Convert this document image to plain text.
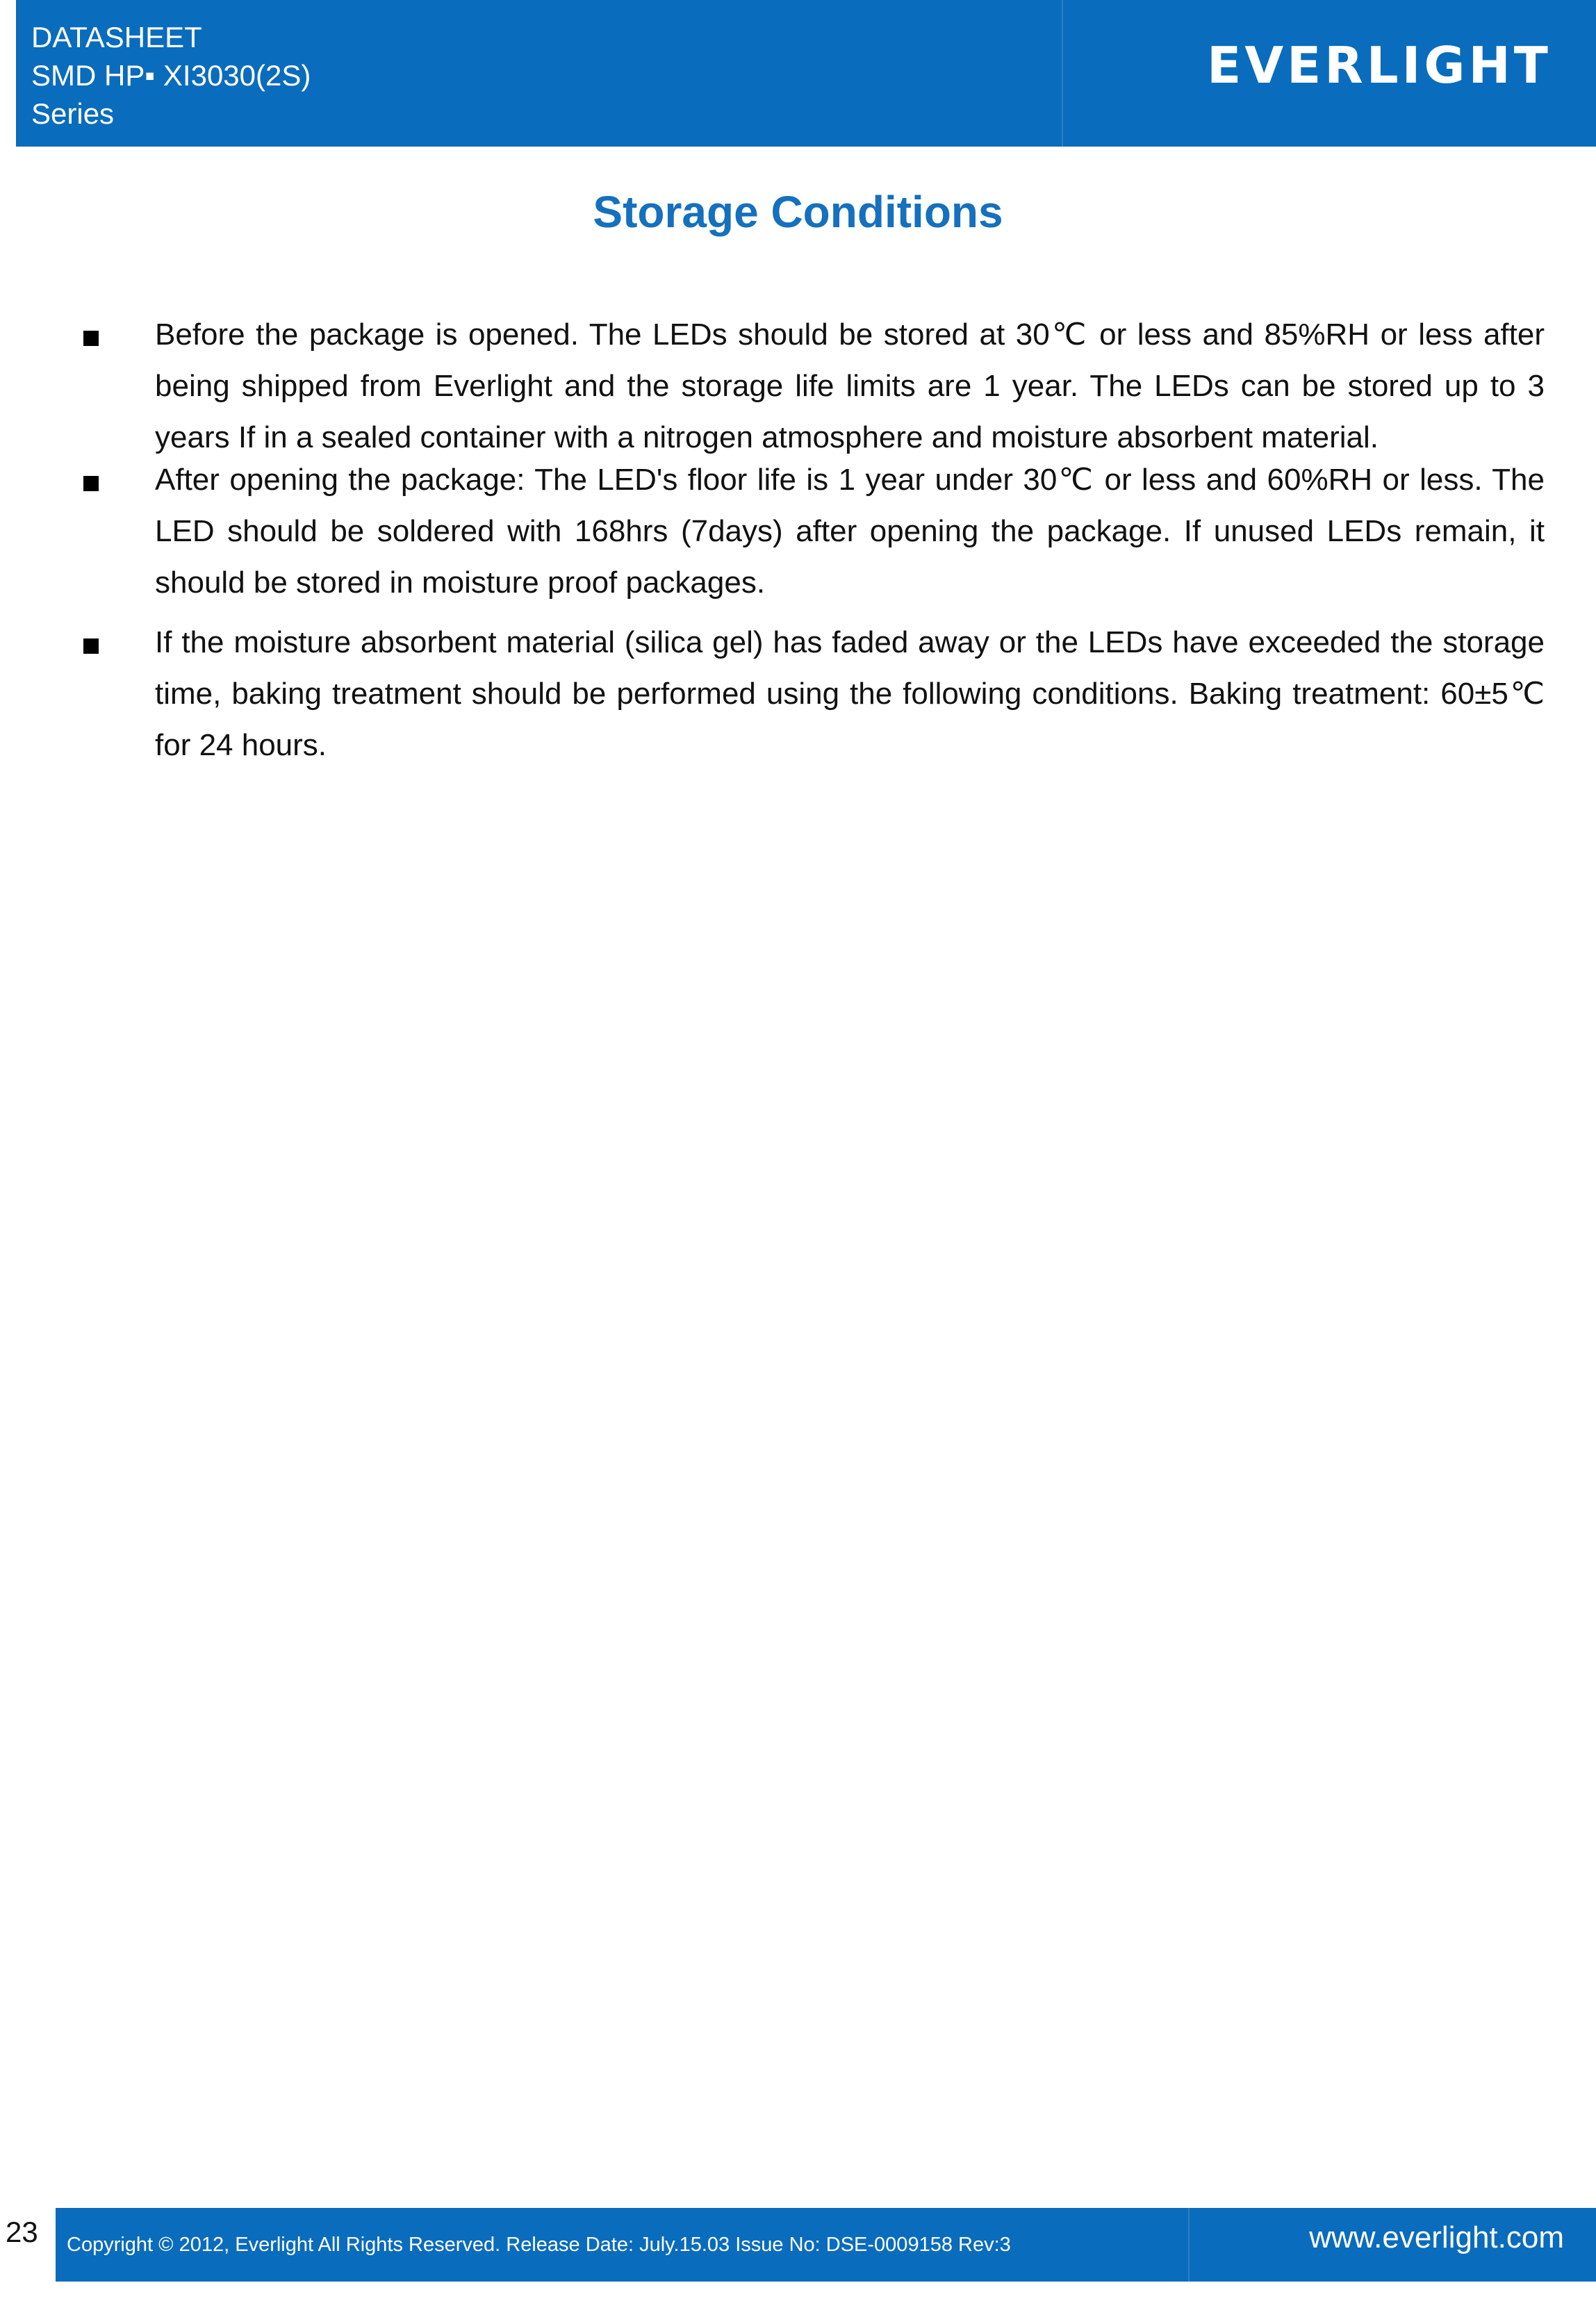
DATASHEET
SMD HP▪ XI3030(2S)
Series
EVERLIGHT
Storage Conditions

Before the package is opened. The LEDs should be stored at 30℃ or less and 85%RH or less after being shipped from Everlight and the storage life limits are 1 year. The LEDs can be stored up to 3 years If in a sealed container with a nitrogen atmosphere and moisture absorbent material.

After opening the package: The LED's floor life is 1 year under 30℃ or less and 60%RH or less. The LED should be soldered with 168hrs (7days) after opening the package. If unused LEDs remain, it should be stored in moisture proof packages.

If the moisture absorbent material (silica gel) has faded away or the LEDs have exceeded the storage time, baking treatment should be performed using the following conditions. Baking treatment: 60±5℃ for 24 hours.

23	Copyright © 2012, Everlight All Rights Reserved. Release Date: July.15.03 Issue No: DSE-0009158 Rev:3	www.everlight.com
